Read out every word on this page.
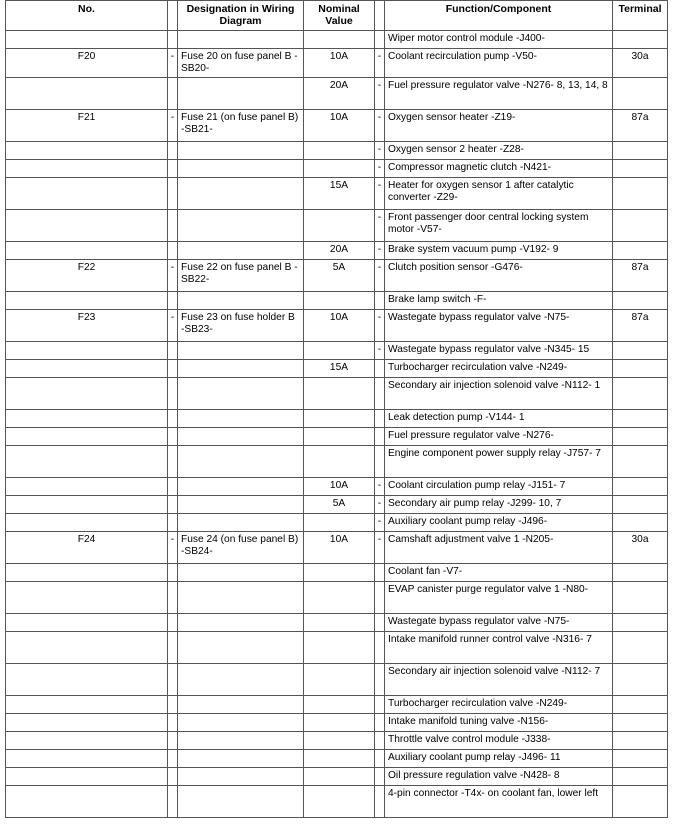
No.		Designation in Wiring Diagram	Nominal Value		Function/Component	Terminal
					Wiper motor control module -J400-	
F20	-	Fuse 20 on fuse panel B -SB20-	10A	-	Coolant recirculation pump -V50-	30a
			20A	-	Fuel pressure regulator valve -N276- 8, 13, 14, 8	
F21	-	Fuse 21 (on fuse panel B) -SB21-	10A	-	Oxygen sensor heater -Z19-	87a
				-	Oxygen sensor 2 heater -Z28-	
				-	Compressor magnetic clutch -N421-	
			15A	-	Heater for oxygen sensor 1 after catalytic converter -Z29-	
				-	Front passenger door central locking system motor -V57-	
			20A	-	Brake system vacuum pump -V192- 9	
F22	-	Fuse 22 on fuse panel B -SB22-	5A	-	Clutch position sensor -G476-	87a
					Brake lamp switch -F-	
F23	-	Fuse 23 on fuse holder B -SB23-	10A	-	Wastegate bypass regulator valve -N75-	87a
				-	Wastegate bypass regulator valve -N345- 15	
			15A		Turbocharger recirculation valve -N249-	
					Secondary air injection solenoid valve -N112- 1	
					Leak detection pump -V144- 1	
					Fuel pressure regulator valve -N276-	
					Engine component power supply relay -J757- 7	
			10A	-	Coolant circulation pump relay -J151- 7	
			5A	-	Secondary air pump relay -J299- 10, 7	
				-	Auxiliary coolant pump relay -J496-	
F24	-	Fuse 24 (on fuse panel B) -SB24-	10A	-	Camshaft adjustment valve 1 -N205-	30a
					Coolant fan -V7-	
					EVAP canister purge regulator valve 1 -N80-	
					Wastegate bypass regulator valve -N75-	
					Intake manifold runner control valve -N316- 7	
					Secondary air injection solenoid valve -N112- 7	
					Turbocharger recirculation valve -N249-	
					Intake manifold tuning valve -N156-	
					Throttle valve control module -J338-	
					Auxiliary coolant pump relay -J496- 11	
					Oil pressure regulation valve -N428- 8	
					4-pin connector -T4x- on coolant fan, lower left	
